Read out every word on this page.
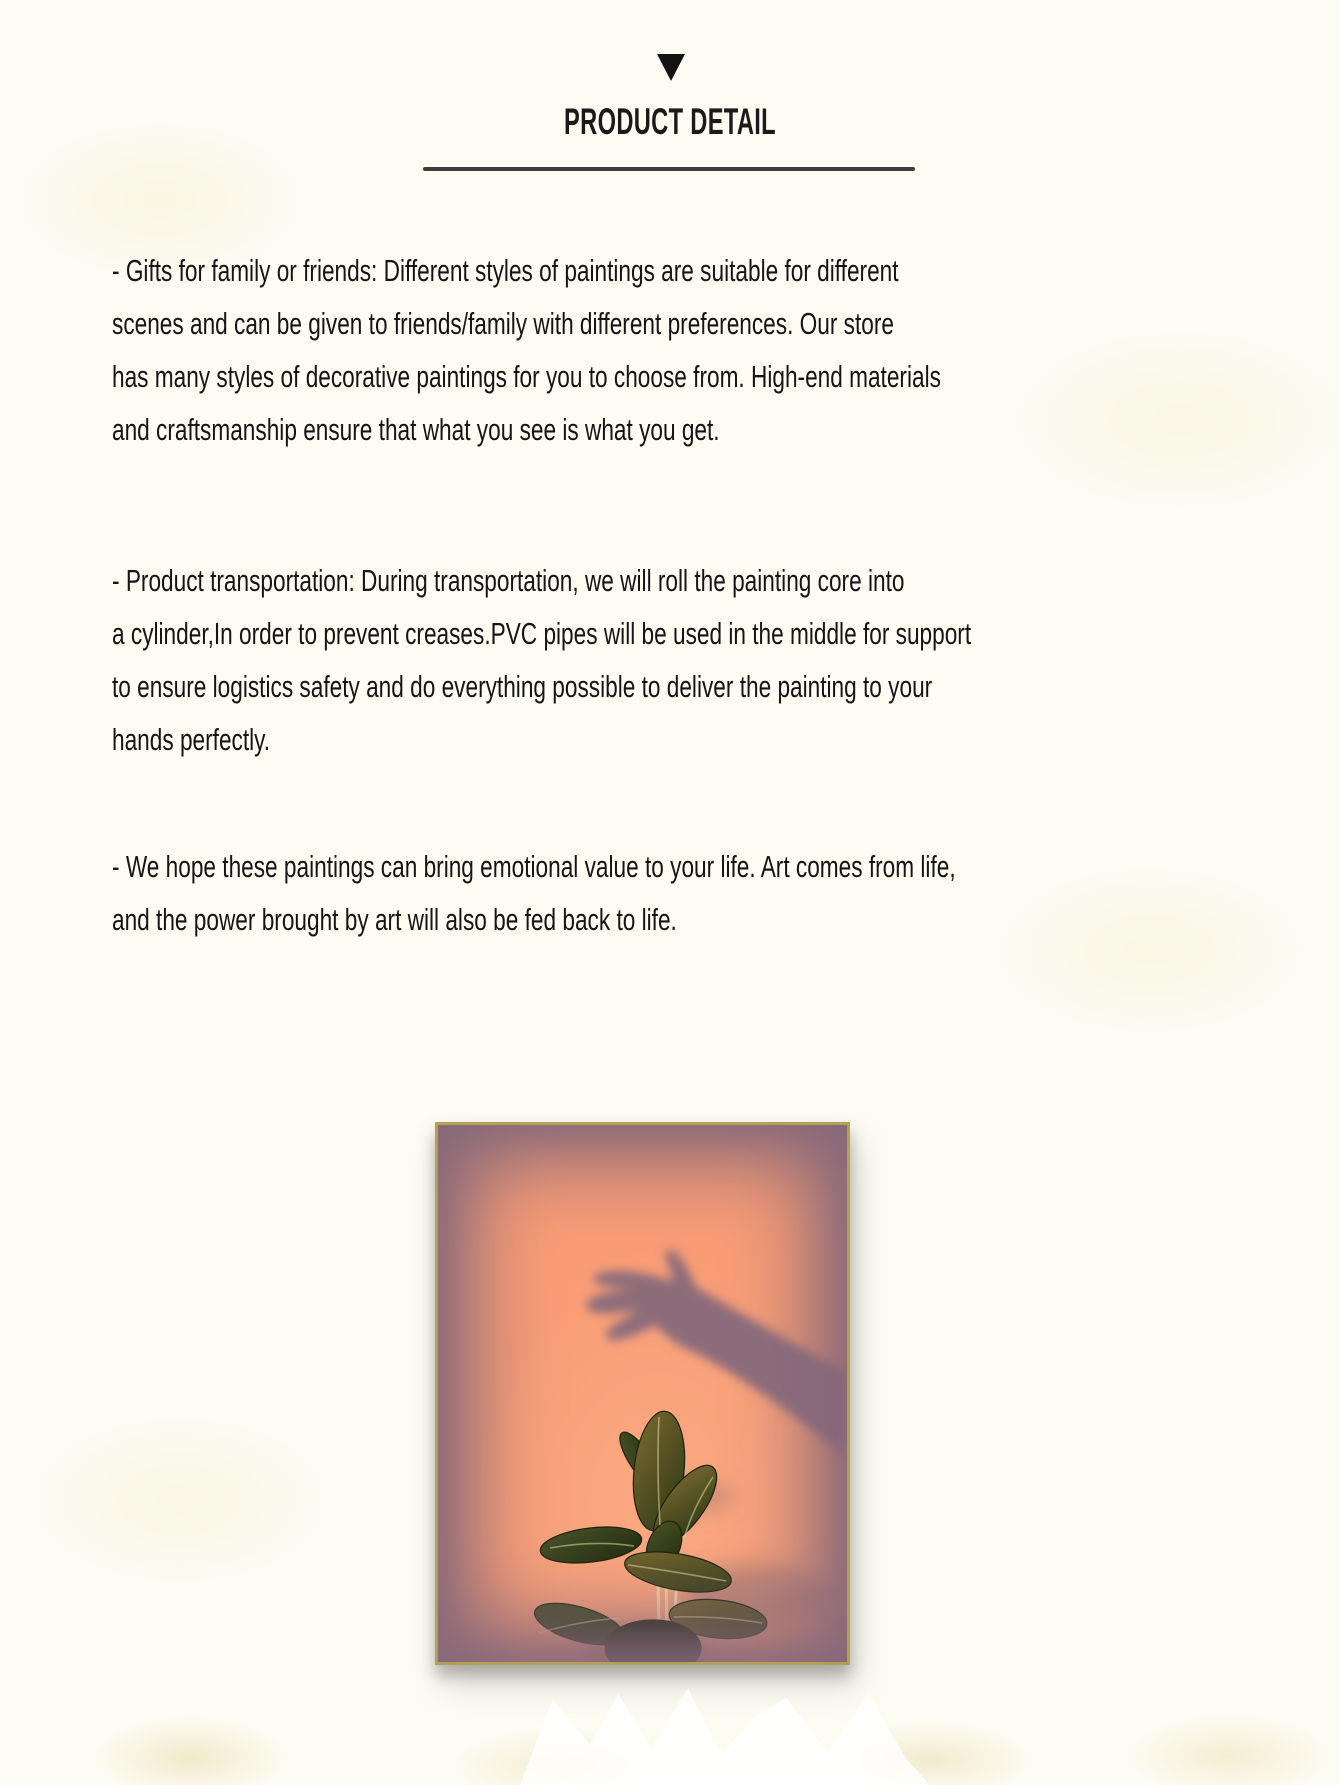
PRODUCT DETAIL

- Gifts for family or friends: Different styles of paintings are suitable for different
scenes and can be given to friends/family with different preferences. Our store
has many styles of decorative paintings for you to choose from. High-end materials
and craftsmanship ensure that what you see is what you get.

- Product transportation: During transportation, we will roll the painting core into
a cylinder,In order to prevent creases.PVC pipes will be used in the middle for support
to ensure logistics safety and do everything possible to deliver the painting to your
hands perfectly.

- We hope these paintings can bring emotional value to your life. Art comes from life,
and the power brought by art will also be fed back to life.
